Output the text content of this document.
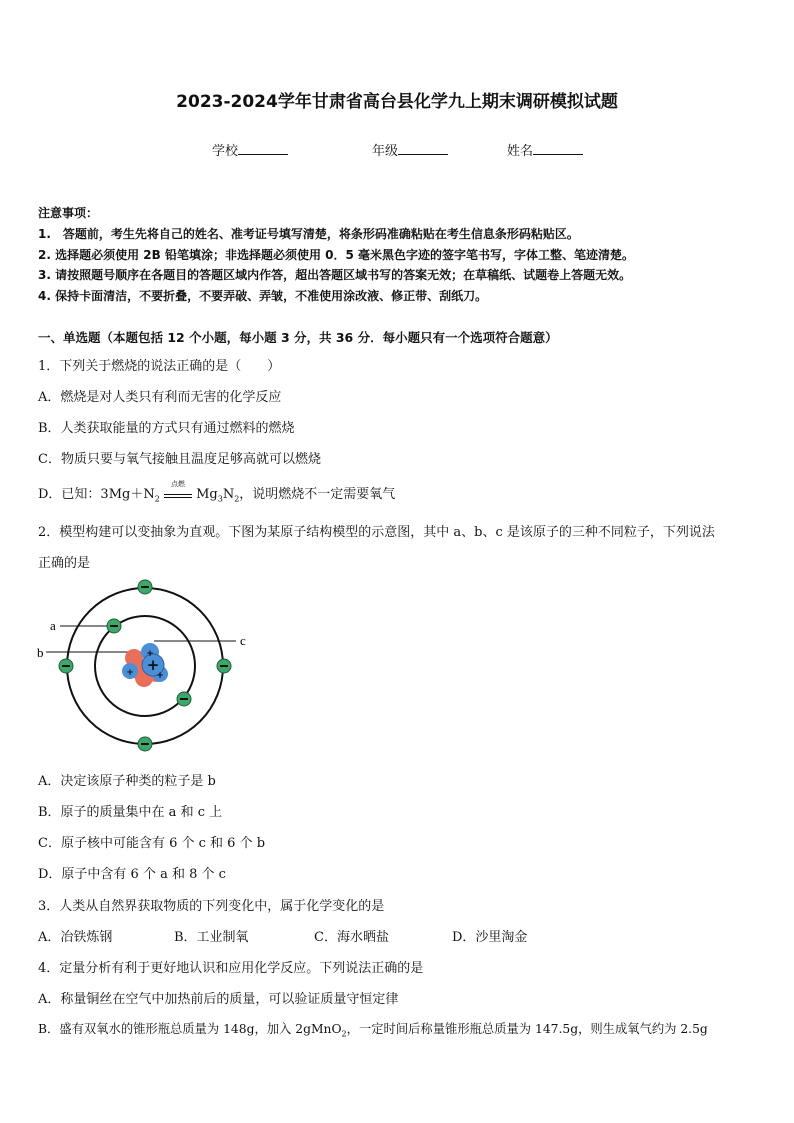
2023-2024学年甘肃省高台县化学九上期末调研模拟试题
学校	年级	姓名
注意事项：
1.　答题前，考生先将自己的姓名、准考证号填写清楚，将条形码准确粘贴在考生信息条形码粘贴区。
2. 选择题必须使用 2B 铅笔填涂；非选择题必须使用 0．5 毫米黑色字迹的签字笔书写，字体工整、笔迹清楚。
3. 请按照题号顺序在各题目的答题区域内作答，超出答题区域书写的答案无效；在草稿纸、试题卷上答题无效。
4. 保持卡面清洁，不要折叠，不要弄破、弄皱，不准使用涂改液、修正带、刮纸刀。
一、单选题（本题包括 12 个小题，每小题 3 分，共 36 分．每小题只有一个选项符合题意）
1．下列关于燃烧的说法正确的是（　　）
A．燃烧是对人类只有利而无害的化学反应
B．人类获取能量的方式只有通过燃料的燃烧
C．物质只要与氧气接触且温度足够高就可以燃烧
D．已知：$3Mg+N_2$
点燃
$Mg_3N_2$，说明燃烧不一定需要氧气
2．模型构建可以变抽象为直观。下图为某原子结构模型的示意图，其中 a、b、c 是该原子的三种不同粒子，下列说法
正确的是
a
b
c
+
+
+ +
A．决定该原子种类的粒子是 b
B．原子的质量集中在 a 和 c 上
C．原子核中可能含有 6 个 c 和 6 个 b
D．原子中含有 6 个 a 和 8 个 c
3．人类从自然界获取物质的下列变化中，属于化学变化的是
A．冶铁炼钢	B．工业制氧	C．海水晒盐	D．沙里淘金
4．定量分析有利于更好地认识和应用化学反应。下列说法正确的是
A．称量铜丝在空气中加热前后的质量，可以验证质量守恒定律
B．盛有双氧水的锥形瓶总质量为 148g，加入 2gMnO$_2$，一定时间后称量锥形瓶总质量为 147.5g，则生成氧气约为 2.5g
